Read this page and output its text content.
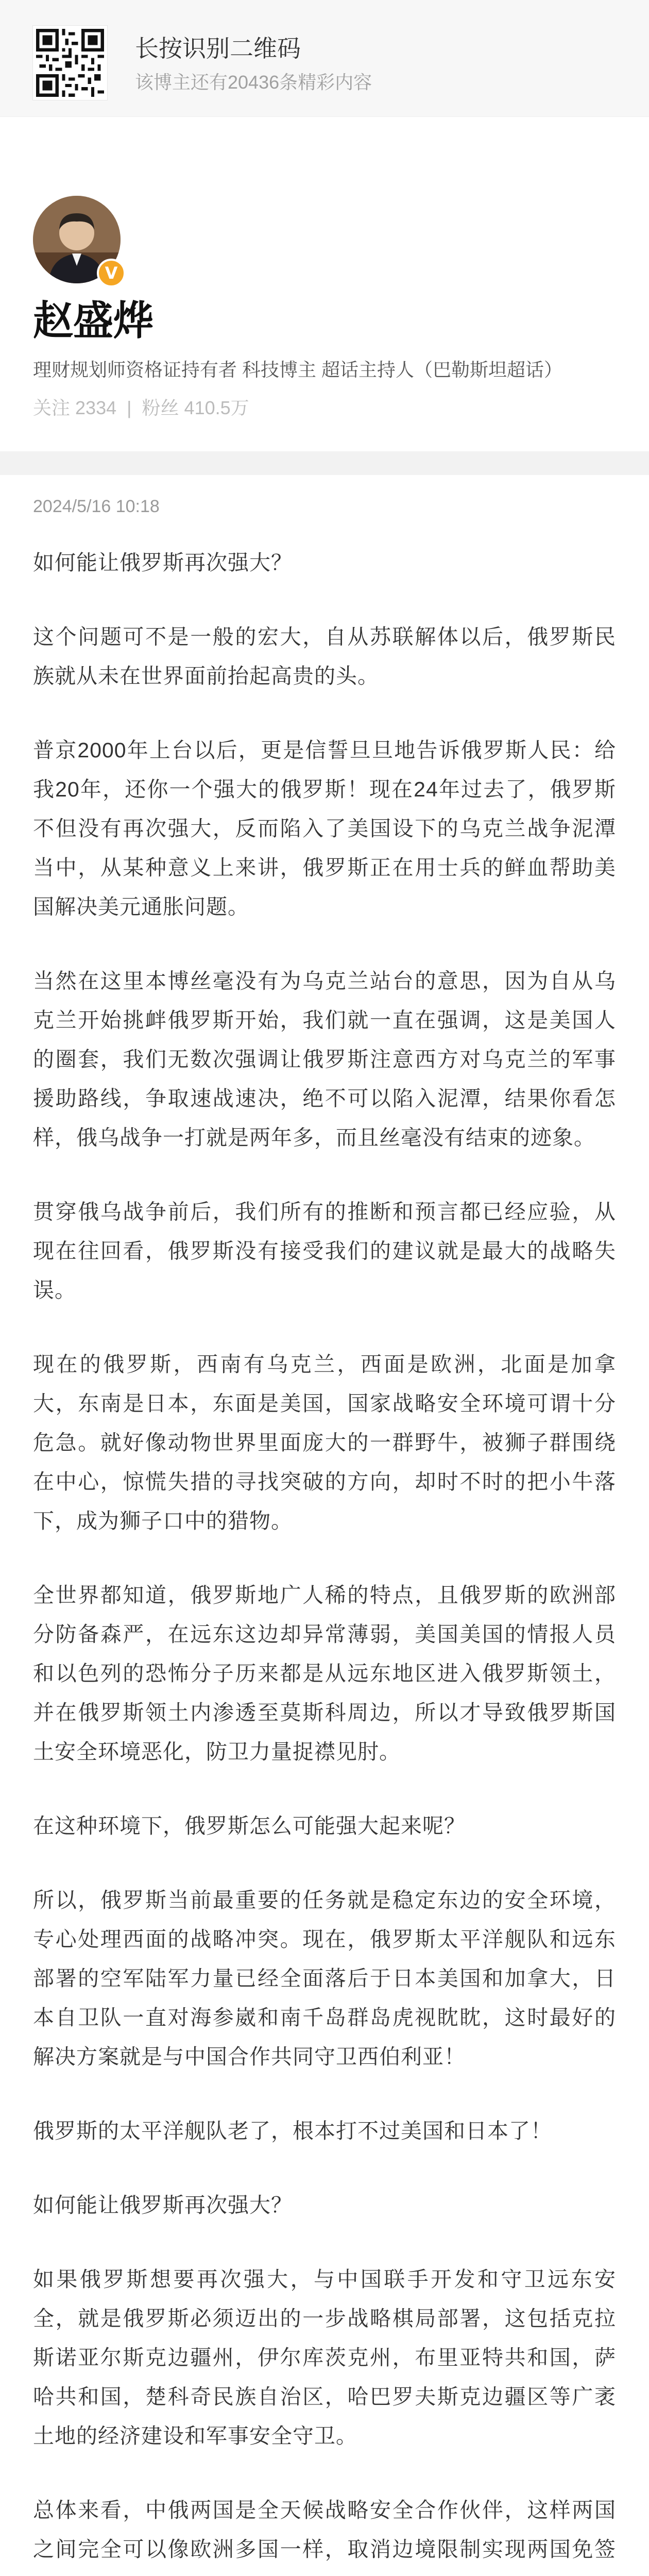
长按识别二维码
该博主还有20436条精彩内容
V
赵盛烨
理财规划师资格证持有者 科技博主 超话主持人（巴勒斯坦超话）
关注 2334 | 粉丝 410.5万
2024/5/16 10:18

如何能让俄罗斯再次强大？

这个问题可不是一般的宏大，自从苏联解体以后，俄罗斯民族就从未在世界面前抬起高贵的头。

普京2000年上台以后，更是信誓旦旦地告诉俄罗斯人民：给我20年，还你一个强大的俄罗斯！现在24年过去了，俄罗斯不但没有再次强大，反而陷入了美国设下的乌克兰战争泥潭当中，从某种意义上来讲，俄罗斯正在用士兵的鲜血帮助美国解决美元通胀问题。

当然在这里本博丝毫没有为乌克兰站台的意思，因为自从乌克兰开始挑衅俄罗斯开始，我们就一直在强调，这是美国人的圈套，我们无数次强调让俄罗斯注意西方对乌克兰的军事援助路线，争取速战速决，绝不可以陷入泥潭，结果你看怎样，俄乌战争一打就是两年多，而且丝毫没有结束的迹象。

贯穿俄乌战争前后，我们所有的推断和预言都已经应验，从现在往回看，俄罗斯没有接受我们的建议就是最大的战略失误。

现在的俄罗斯，西南有乌克兰，西面是欧洲，北面是加拿大，东南是日本，东面是美国，国家战略安全环境可谓十分危急。就好像动物世界里面庞大的一群野牛，被狮子群围绕在中心，惊慌失措的寻找突破的方向，却时不时的把小牛落下，成为狮子口中的猎物。

全世界都知道，俄罗斯地广人稀的特点，且俄罗斯的欧洲部分防备森严，在远东这边却异常薄弱，美国美国的情报人员和以色列的恐怖分子历来都是从远东地区进入俄罗斯领土，并在俄罗斯领土内渗透至莫斯科周边，所以才导致俄罗斯国土安全环境恶化，防卫力量捉襟见肘。

在这种环境下，俄罗斯怎么可能强大起来呢？

所以，俄罗斯当前最重要的任务就是稳定东边的安全环境，专心处理西面的战略冲突。现在，俄罗斯太平洋舰队和远东部署的空军陆军力量已经全面落后于日本美国和加拿大，日本自卫队一直对海参崴和南千岛群岛虎视眈眈，这时最好的解决方案就是与中国合作共同守卫西伯利亚！

俄罗斯的太平洋舰队老了，根本打不过美国和日本了！

如何能让俄罗斯再次强大？

如果俄罗斯想要再次强大，与中国联手开发和守卫远东安全，就是俄罗斯必须迈出的一步战略棋局部署，这包括克拉斯诺亚尔斯克边疆州，伊尔库茨克州，布里亚特共和国，萨哈共和国，楚科奇民族自治区，哈巴罗夫斯克边疆区等广袤土地的经济建设和军事安全守卫。

总体来看，中俄两国是全天候战略安全合作伙伴，这样两国之间完全可以像欧洲多国一样，取消边境限制实现两国免签
